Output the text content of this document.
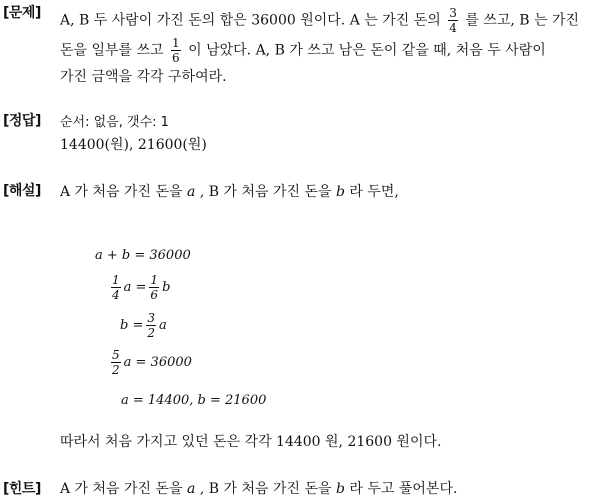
[문제] A, B 두 사람이 가진 돈의 합은 36000 원이다. A 는 가진 돈의 $\frac{3}{4}$ 를 쓰고, B 는 가진
돈을 일부를 쓰고 $\frac{1}{6}$ 이 남았다. A, B 가 쓰고 남은 돈이 같을 때, 처음 두 사람이
가진 금액을 각각 구하여라.
[정답] 순서: 없음, 갯수: 1
14400(원), 21600(원)
[해설] A 가 처음 가진 돈을 a , B 가 처음 가진 돈을 b 라 두면,
a + b = 36000
$\frac{1}{4}$ $a = \frac{1}{6}$ b
$b = \frac{3}{2}$ a
$\frac{5}{2}$ a = 36000
a = 14400, b = 21600
따라서 처음 가지고 있던 돈은 각각 14400 원, 21600 원이다.
[힌트] A 가 처음 가진 돈을 a , B 가 처음 가진 돈을 b 라 두고 풀어본다.
